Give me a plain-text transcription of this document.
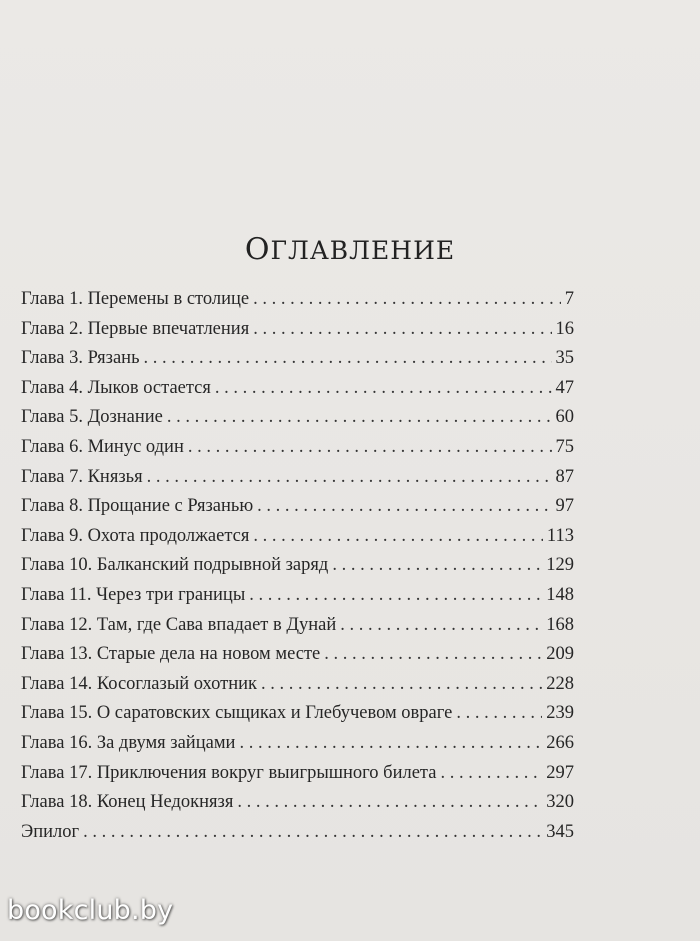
ОГЛАВЛЕНИЕ
Глава 1. Перемены в столице . . .	7
Глава 2. Первые впечатления . . .	16
Глава 3. Рязань . . .	35
Глава 4. Лыков остается . . .	47
Глава 5. Дознание . . .	60
Глава 6. Минус один . . .	75
Глава 7. Князья . . .	87
Глава 8. Прощание с Рязанью . . .	97
Глава 9. Охота продолжается . . .	113
Глава 10. Балканский подрывной заряд . . .	129
Глава 11. Через три границы . . .	148
Глава 12. Там, где Сава впадает в Дунай . . .	168
Глава 13. Старые дела на новом месте . . .	209
Глава 14. Косоглазый охотник . . .	228
Глава 15. О саратовских сыщиках и Глебучевом овраге . . .	239
Глава 16. За двумя зайцами . . .	266
Глава 17. Приключения вокруг выигрышного билета . . .	297
Глава 18. Конец Недокнязя . . .	320
Эпилог . . .	345
bookclub.by
